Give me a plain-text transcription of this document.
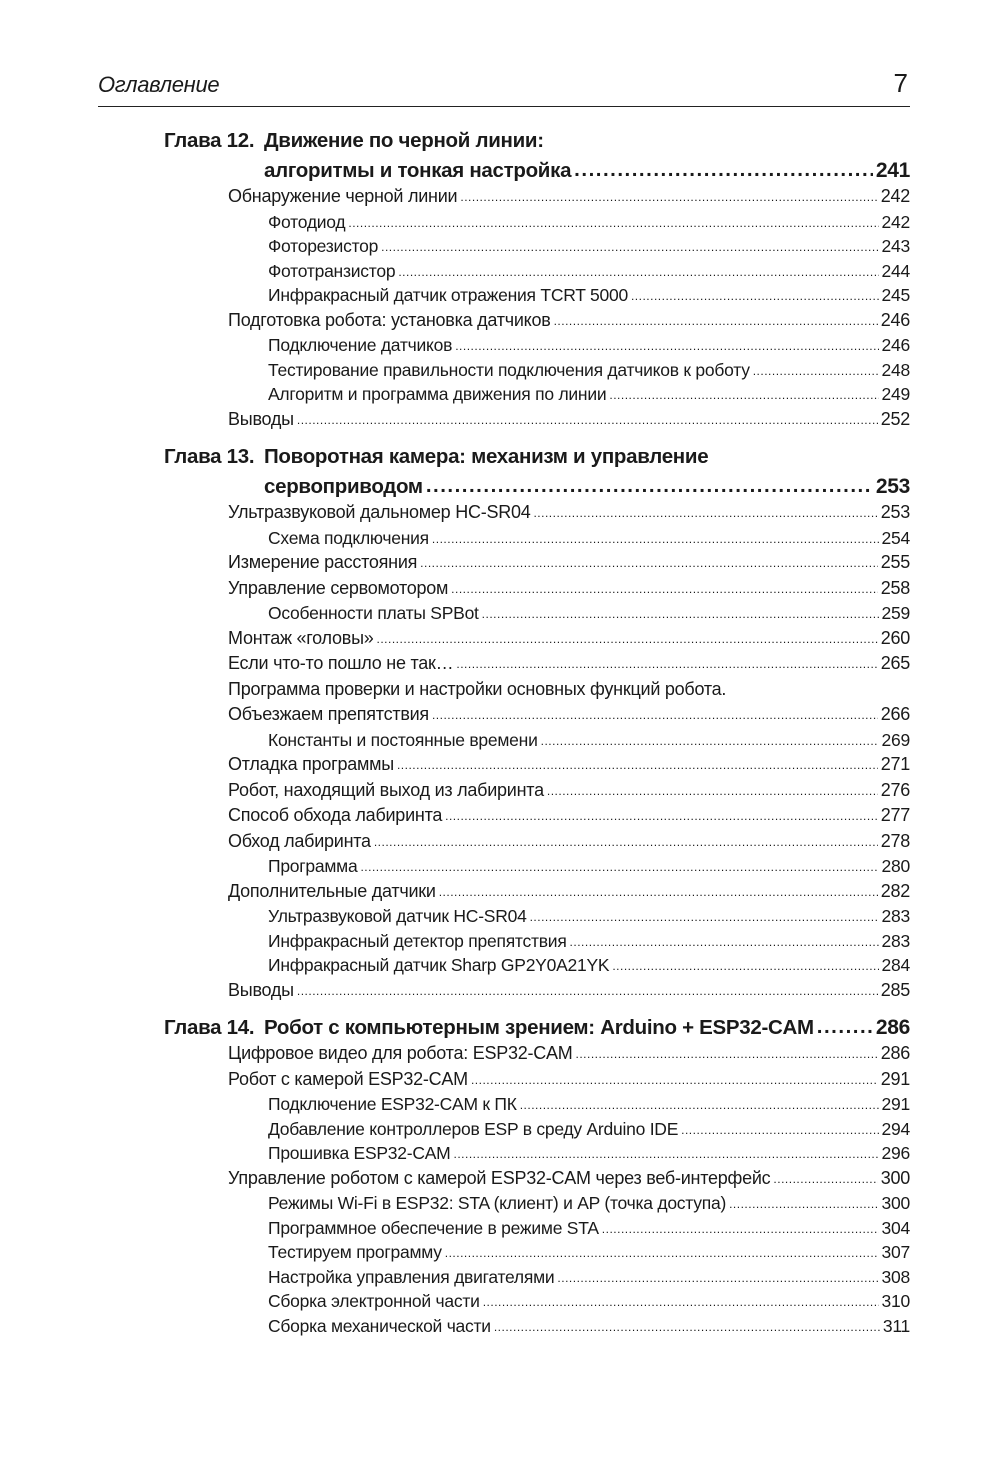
Оглавление	7
Глава 12. Движение по черной линии:
алгоритмы и тонкая настройка .....	241
Обнаружение черной линии .....	242
Фотодиод .....	242
Фоторезистор .....	243
Фототранзистор .....	244
Инфракрасный датчик отражения TCRT 5000 .....	245
Подготовка робота: установка датчиков .....	246
Подключение датчиков .....	246
Тестирование правильности подключения датчиков к роботу .....	248
Алгоритм и программа движения по линии .....	249
Выводы .....	252
Глава 13. Поворотная камера: механизм и управление
сервоприводом .....	253
Ультразвуковой дальномер HC-SR04 .....	253
Схема подключения .....	254
Измерение расстояния .....	255
Управление сервомотором .....	258
Особенности платы SPBot .....	259
Монтаж «головы» .....	260
Если что-то пошло не так… .....	265
Программа проверки и настройки основных функций робота.
Объезжаем препятствия .....	266
Константы и постоянные времени .....	269
Отладка программы .....	271
Робот, находящий выход из лабиринта .....	276
Способ обхода лабиринта .....	277
Обход лабиринта .....	278
Программа .....	280
Дополнительные датчики .....	282
Ультразвуковой датчик HC-SR04 .....	283
Инфракрасный детектор препятствия .....	283
Инфракрасный датчик Sharp GP2Y0A21YK .....	284
Выводы .....	285
Глава 14. Робот с компьютерным зрением: Arduino + ESP32-CAM .....	286
Цифровое видео для робота: ESP32-CAM .....	286
Робот с камерой ESP32-CAM .....	291
Подключение ESP32-CAM к ПК .....	291
Добавление контроллеров ESP в среду Arduino IDE .....	294
Прошивка ESP32-CAM .....	296
Управление роботом с камерой ESP32-CAM через веб-интерфейс .....	300
Режимы Wi-Fi в ESP32: STA (клиент) и AP (точка доступа) .....	300
Программное обеспечение в режиме STA .....	304
Тестируем программу .....	307
Настройка управления двигателями .....	308
Сборка электронной части .....	310
Сборка механической части .....	311
